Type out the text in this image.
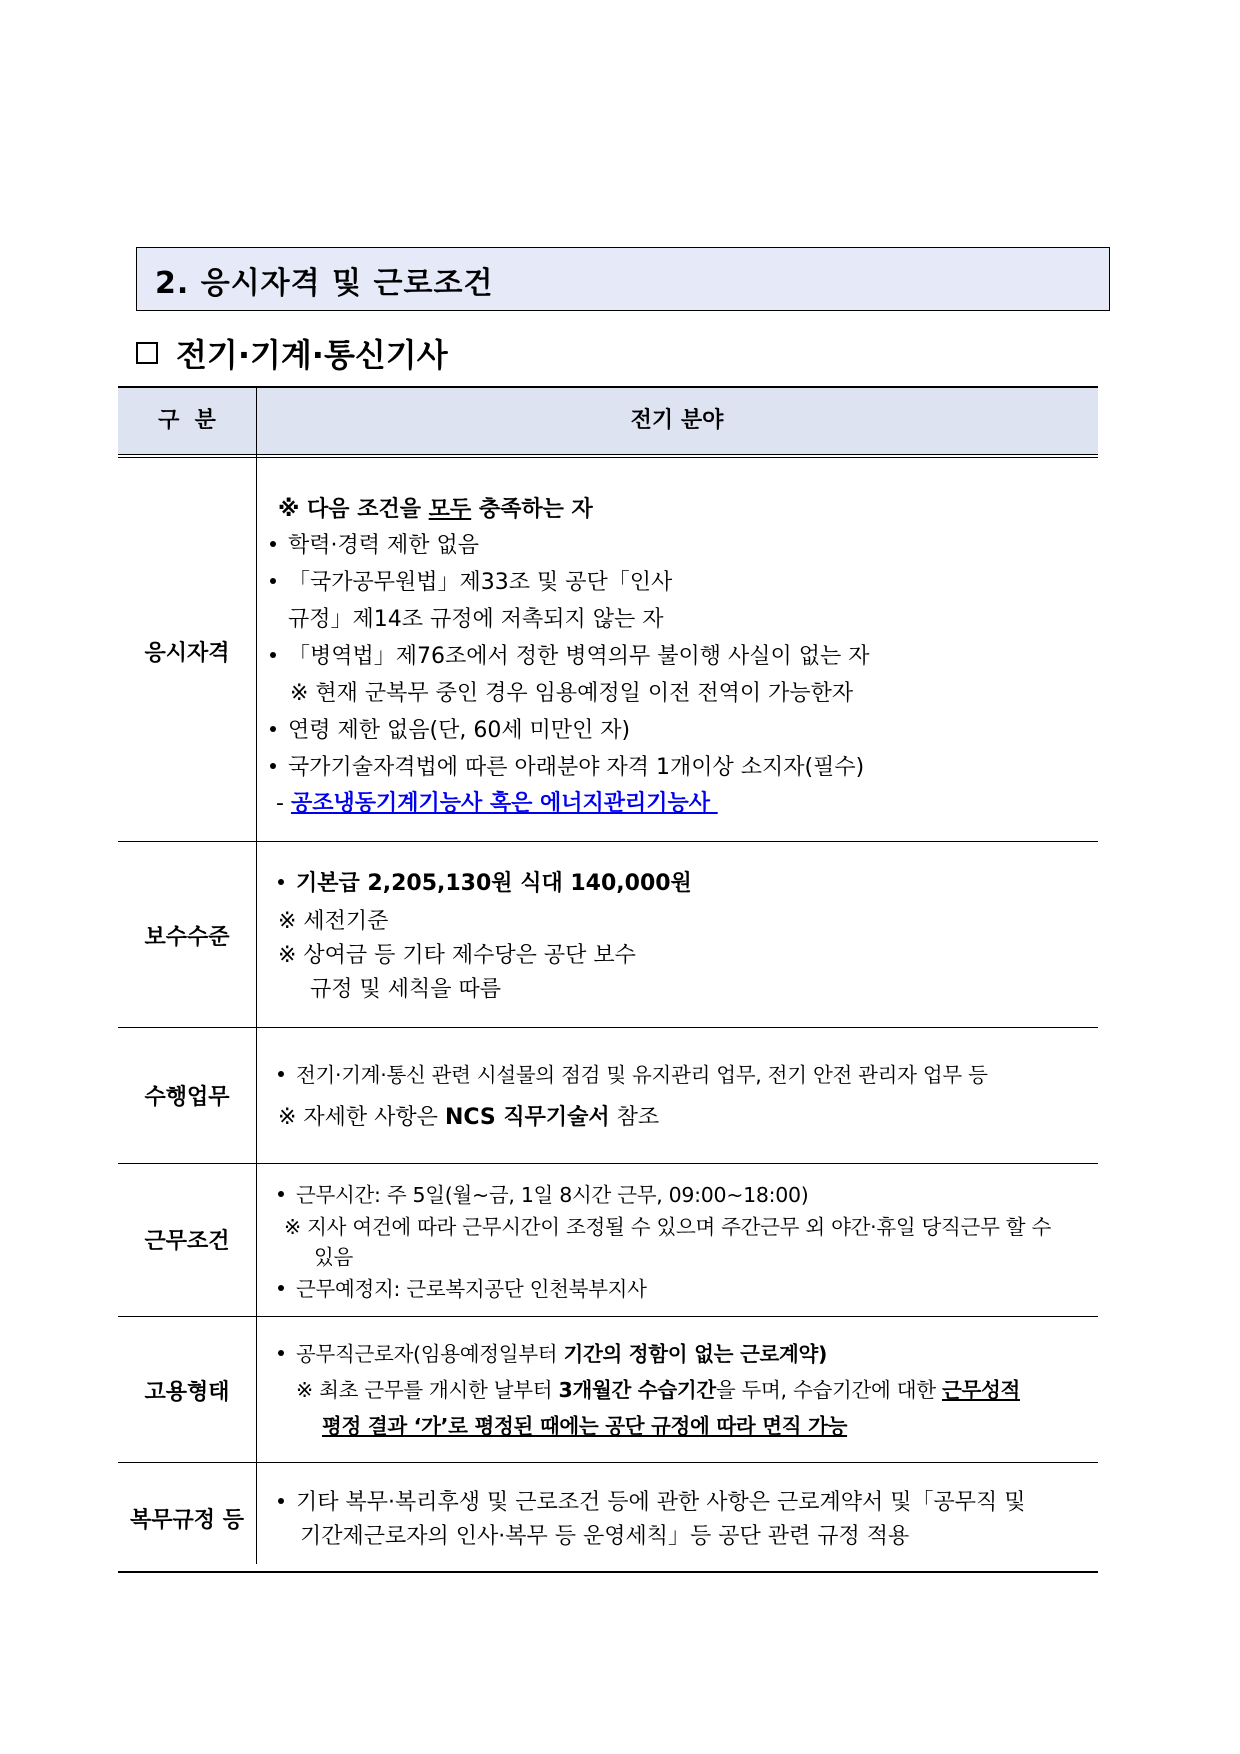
2. 응시자격 및 근로조건
전기·기계·통신기사
구  분	전기 분야
응시자격
※ 다음 조건을 모두 충족하는 자
학력·경력 제한 없음
「국가공무원법」제33조 및 공단「인사
규정」제14조 규정에 저촉되지 않는 자
「병역법」제76조에서 정한 병역의무 불이행 사실이 없는 자
※ 현재 군복무 중인 경우 임용예정일 이전 전역이 가능한자
연령 제한 없음(단, 60세 미만인 자)
국가기술자격법에 따른 아래분야 자격 1개이상 소지자(필수)
- 공조냉동기계기능사 혹은 에너지관리기능사
보수수준
기본급 2,205,130원 식대 140,000원
※ 세전기준
※ 상여금 등 기타 제수당은 공단 보수
규정 및 세칙을 따름
수행업무
전기·기계·통신 관련 시설물의 점검 및 유지관리 업무, 전기 안전 관리자 업무 등
※ 자세한 사항은 NCS 직무기술서 참조
근무조건
근무시간: 주 5일(월~금, 1일 8시간 근무, 09:00~18:00)
※ 지사 여건에 따라 근무시간이 조정될 수 있으며 주간근무 외 야간·휴일 당직근무 할 수
있음
근무예정지: 근로복지공단 인천북부지사
고용형태
공무직근로자(임용예정일부터 기간의 정함이 없는 근로계약)
※ 최초 근무를 개시한 날부터 3개월간 수습기간을 두며, 수습기간에 대한 근무성적
평정 결과 ‘가’로 평정된 때에는 공단 규정에 따라 면직 가능
복무규정 등
기타 복무·복리후생 및 근로조건 등에 관한 사항은 근로계약서 및「공무직 및
기간제근로자의 인사·복무 등 운영세칙」등 공단 관련 규정 적용
